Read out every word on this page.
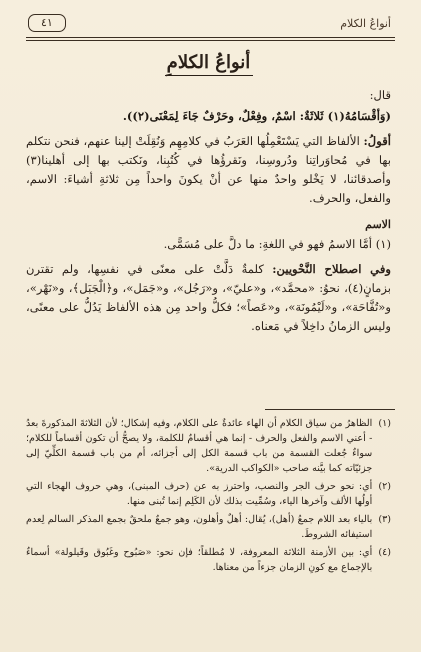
أنواعُ الكلام
٤١
أنواعُ الكلامِ

قال:

(وَأقْسَامُهُ(١) ثَلاثَةٌ: اسْمٌ، وفِعْلٌ، وحَرْفٌ جَاءَ لِمَعْنَى(٢)).

أقولُ: الألفاظ التي يَسْتَعْمِلُها العَرَبُ في كلامِهِم وَنُقِلَتْ إلينا عنهم، فنحن نتكلم بها في مُحاوَراتِنا ودُروسِنا، ونَقرؤُها في كُتُبِنا، ونَكتب بها إلى أهلينا(٣) وأصدقائنا، لا يَخْلو واحدٌ منها عن أنْ يكونَ واحداً مِن ثلاثةِ أشياءَ: الاسم، والفعل، والحرف.

الاسم

(١) أمَّا الاسمُ فهو في اللغةِ: ما دلَّ على مُسَمًّى.

وفي اصطلاح النَّحْويين: كلمةٌ دَلَّتْ على معنًى في نفسِها، ولم تقترن بزمانٍ(٤)، نحوُ: «محمَّد»، و«عليّ»، و«رَجُل»، و«جَمَل»، و﴿الْجَبَل﴾، و«نَهْر»، و«تُفَّاحَة»، و«لَيْمُونَة»، و«عَصاً»؛ فكلُّ واحد مِن هذه الألفاظ يَدُلُّ على معنًى، وليس الزمانُ داخِلاً في مَعناه.

(١)
الظاهرُ من سياق الكلام أن الهاء عائدةٌ على الكلام، وفيه إشكال؛ لأن الثلاثةَ المذكورةَ بعدُ - أعني الاسم والفعل والحرف - إنما هي أقسامٌ للكلمة، ولا يصحُّ أن تكون أقساماً للكلام؛ سواءٌ جُعلت القسمة من باب قسمة الكل إلى أجزائه، أم من باب قسمة الكلِّيّ إلى جزئيّاته كما بيَّنه صاحب «الكواكب الدرية».
(٢)
أي: نحو حرف الجر والنصب، واحترز به عن (حرف المبنى)، وهي حروف الهجاء التي أولُها الألف وآخرها الياء، وسُمِّيت بذلك لأن الكَلِم إنما تُبنى منها.
(٣)
بالياء بعد اللام جمعُ (أهل)، يُقال: أهلٌ وأهلون، وهو جمعٌ ملحقٌ بجمع المذكر السالم لِعدم استيفائه الشروطَ.
(٤)
أي: بين الأزمنة الثلاثة المعروفة، لا مُطلقاً؛ فإن نحو: «صَبُوح وغَبُوق وقَيلولة» أسماءٌ بالإجماع مع كونِ الزمان جزءاً من معناها.
